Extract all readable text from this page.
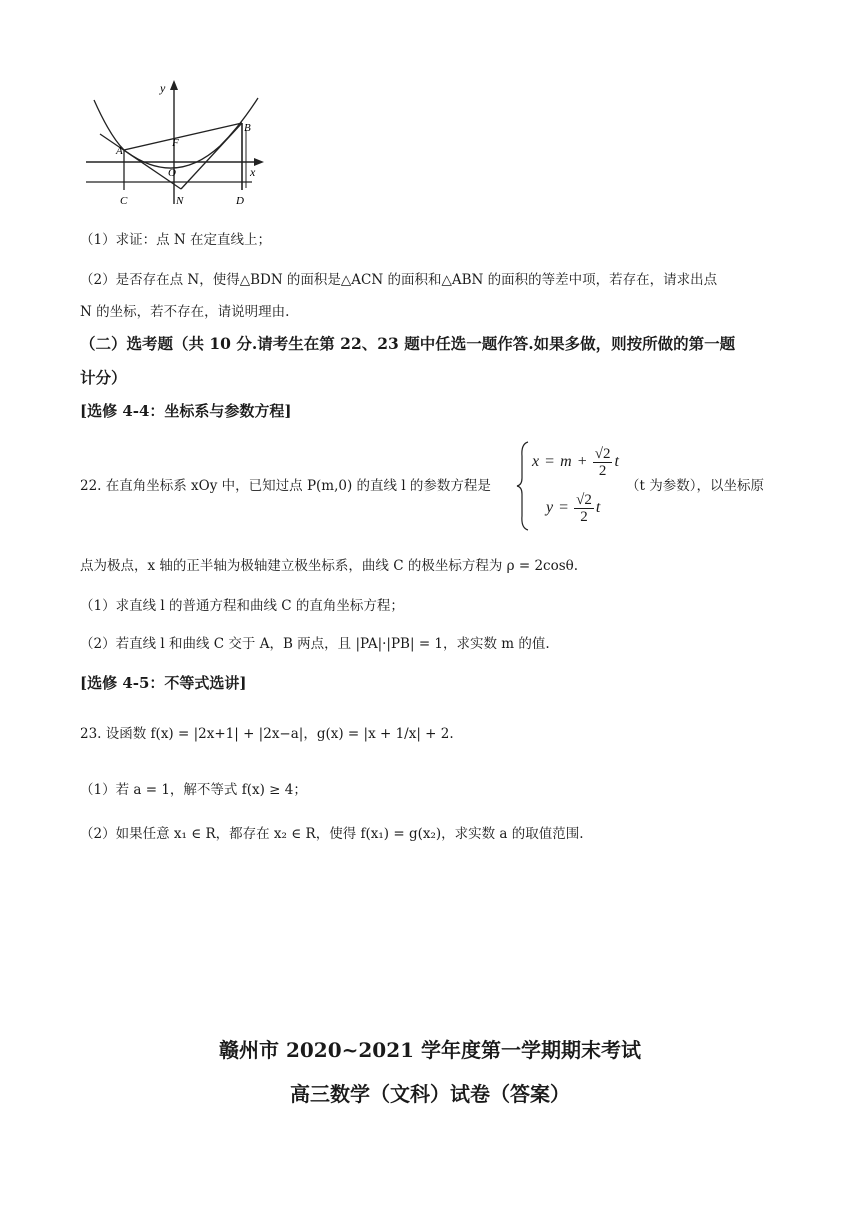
y
x
A
B
F
O
C	N	D
（1）求证：点 N 在定直线上；
（2）是否存在点 N，使得△BDN 的面积是△ACN 的面积和△ABN 的面积的等差中项，若存在，请求出点
N 的坐标，若不存在，请说明理由.
（二）选考题（共 10 分.请考生在第 22、23 题中任选一题作答.如果多做，则按所做的第一题
计分）
[选修 4-4：坐标系与参数方程]
22. 在直角坐标系 xOy 中，已知过点 P(m,0) 的直线 l 的参数方程是
$x = m + \frac{√2}{2}$ t
$y = \frac{√2}{2}$ t
（t 为参数），以坐标原
点为极点，x 轴的正半轴为极轴建立极坐标系，曲线 C 的极坐标方程为 ρ = 2cosθ.
（1）求直线 l 的普通方程和曲线 C 的直角坐标方程；
（2）若直线 l 和曲线 C 交于 A，B 两点，且 |PA|·|PB| = 1，求实数 m 的值.
[选修 4-5：不等式选讲]
23. 设函数 f(x) = |2x+1| + |2x−a|，g(x) = |x + 1/x| + 2.
（1）若 a = 1，解不等式 f(x) ≥ 4；
（2）如果任意 x₁ ∈ R，都存在 x₂ ∈ R，使得 f(x₁) = g(x₂)，求实数 a 的取值范围.
赣州市 2020~2021 学年度第一学期期末考试
高三数学（文科）试卷（答案）
